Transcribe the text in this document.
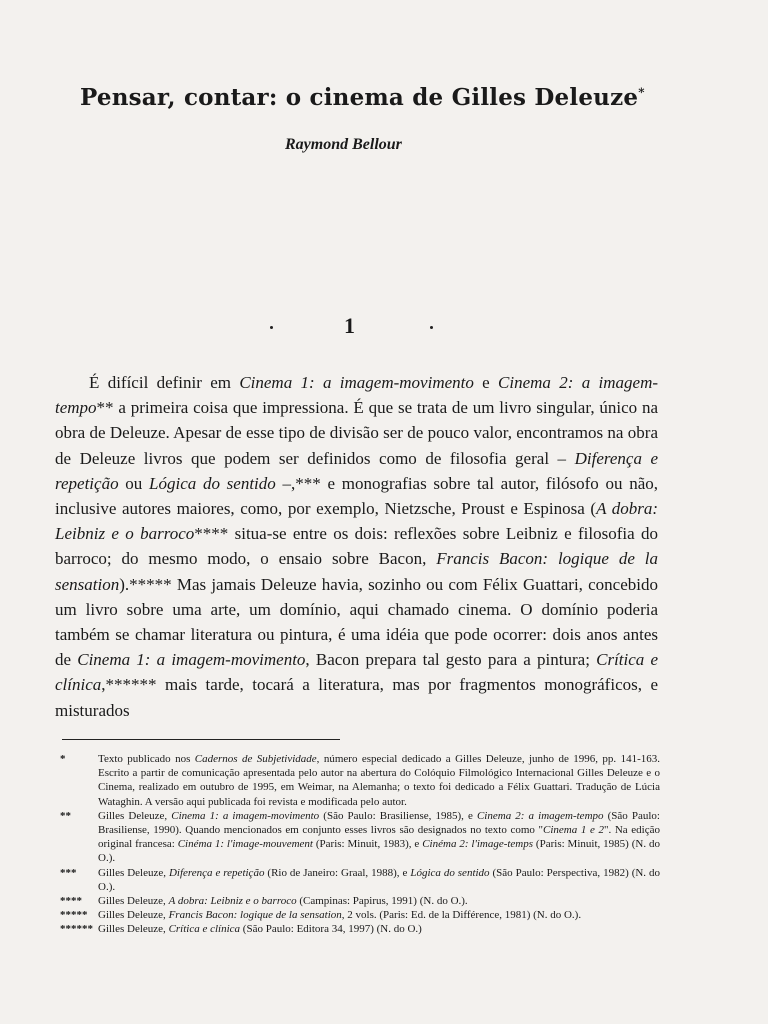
Pensar, contar: o cinema de Gilles Deleuze*
Raymond Bellour
1

É difícil definir em Cinema 1: a imagem-movimento e Cinema 2: a imagem-tempo** a primeira coisa que impressiona. É que se trata de um livro singular, único na obra de Deleuze. Apesar de esse tipo de divisão ser de pouco valor, encontramos na obra de Deleuze livros que podem ser definidos como de filosofia geral – Diferença e repetição ou Lógica do sentido –,*** e monografias sobre tal autor, filósofo ou não, inclusive autores maiores, como, por exemplo, Nietzsche, Proust e Espinosa (A dobra: Leibniz e o barroco**** situa-se entre os dois: reflexões sobre Leibniz e filosofia do barroco; do mesmo modo, o ensaio sobre Bacon, Francis Bacon: logique de la sensation).***** Mas jamais Deleuze havia, sozinho ou com Félix Guattari, concebido um livro sobre uma arte, um domínio, aqui chamado cinema. O domínio poderia também se chamar literatura ou pintura, é uma idéia que pode ocorrer: dois anos antes de Cinema 1: a imagem-movimento, Bacon prepara tal gesto para a pintura; Crítica e clínica,****** mais tarde, tocará a literatura, mas por fragmentos monográficos, e misturados

*	Texto publicado nos Cadernos de Subjetividade, número especial dedicado a Gilles Deleuze, junho de 1996, pp. 141-163. Escrito a partir de comunicação apresentada pelo autor na abertura do Colóquio Filmológico Internacional Gilles Deleuze e o Cinema, realizado em outubro de 1995, em Weimar, na Alemanha; o texto foi dedicado a Félix Guattari. Tradução de Lúcia Wataghin. A versão aqui publicada foi revista e modificada pelo autor.
** Gilles Deleuze, Cinema 1: a imagem-movimento (São Paulo: Brasiliense, 1985), e Cinema 2: a imagem-tempo (São Paulo: Brasiliense, 1990). Quando mencionados em conjunto esses livros são designados no texto como "Cinema 1 e 2". Na edição original francesa: Cinéma 1: l'image-mouvement (Paris: Minuit, 1983), e Cinéma 2: l'image-temps (Paris: Minuit, 1985) (N. do O.).
*** Gilles Deleuze, Diferença e repetição (Rio de Janeiro: Graal, 1988), e Lógica do sentido (São Paulo: Perspectiva, 1982) (N. do O.).
**** Gilles Deleuze, A dobra: Leibniz e o barroco (Campinas: Papirus, 1991) (N. do O.).
***** Gilles Deleuze, Francis Bacon: logique de la sensation, 2 vols. (Paris: Ed. de la Différence, 1981) (N. do O.).
****** Gilles Deleuze, Crítica e clínica (São Paulo: Editora 34, 1997) (N. do O.)
